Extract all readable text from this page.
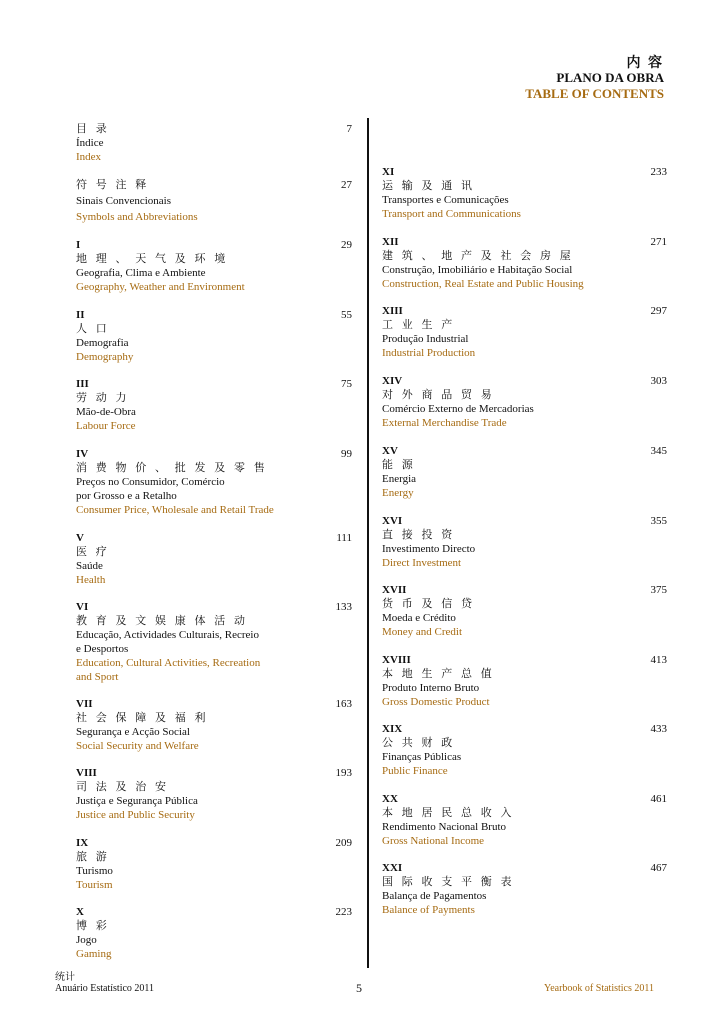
内 容
PLANO DA OBRA
TABLE OF CONTENTS
7
目 录
Índice
Index
27
符 号 注 释
Sinais Convencionais
Symbols and Abbreviations
29
I
地 理 、 天 气 及 环 境
Geografia, Clima e Ambiente
Geography, Weather and Environment
55
II
人 口
Demografia
Demography
75
III
劳 动 力
Mão-de-Obra
Labour Force
99
IV
消 费 物 价 、 批 发 及 零 售
Preços no Consumidor, Comércio
por Grosso e a Retalho
Consumer Price, Wholesale and Retail Trade
111
V
医 疗
Saúde
Health
133
VI
教 育 及 文 娱 康 体 活 动
Educação, Actividades Culturais, Recreio
e Desportos
Education, Cultural Activities, Recreation
and Sport
163
VII
社 会 保 障 及 福 利
Segurança e Acção Social
Social Security and Welfare
193
VIII
司 法 及 治 安
Justiça e Segurança Pública
Justice and Public Security
209
IX
旅 游
Turismo
Tourism
223
X
博 彩
Jogo
Gaming
233
XI
运 输 及 通 讯
Transportes e Comunicações
Transport and Communications
271
XII
建 筑 、 地 产 及 社 会 房 屋
Construção, Imobiliário e Habitação Social
Construction, Real Estate and Public Housing
297
XIII
工 业 生 产
Produção Industrial
Industrial Production
303
XIV
对 外 商 品 贸 易
Comércio Externo de Mercadorias
External Merchandise Trade
345
XV
能 源
Energia
Energy
355
XVI
直 接 投 资
Investimento Directo
Direct Investment
375
XVII
货 币 及 信 贷
Moeda e Crédito
Money and Credit
413
XVIII
本 地 生 产 总 值
Produto Interno Bruto
Gross Domestic Product
433
XIX
公 共 财 政
Finanças Públicas
Public Finance
461
XX
本 地 居 民 总 收 入
Rendimento Nacional Bruto
Gross National Income
467
XXI
国 际 收 支 平 衡 表
Balança de Pagamentos
Balance of Payments
统计
Anuário Estatístico 2011	5	Yearbook of Statistics 2011
